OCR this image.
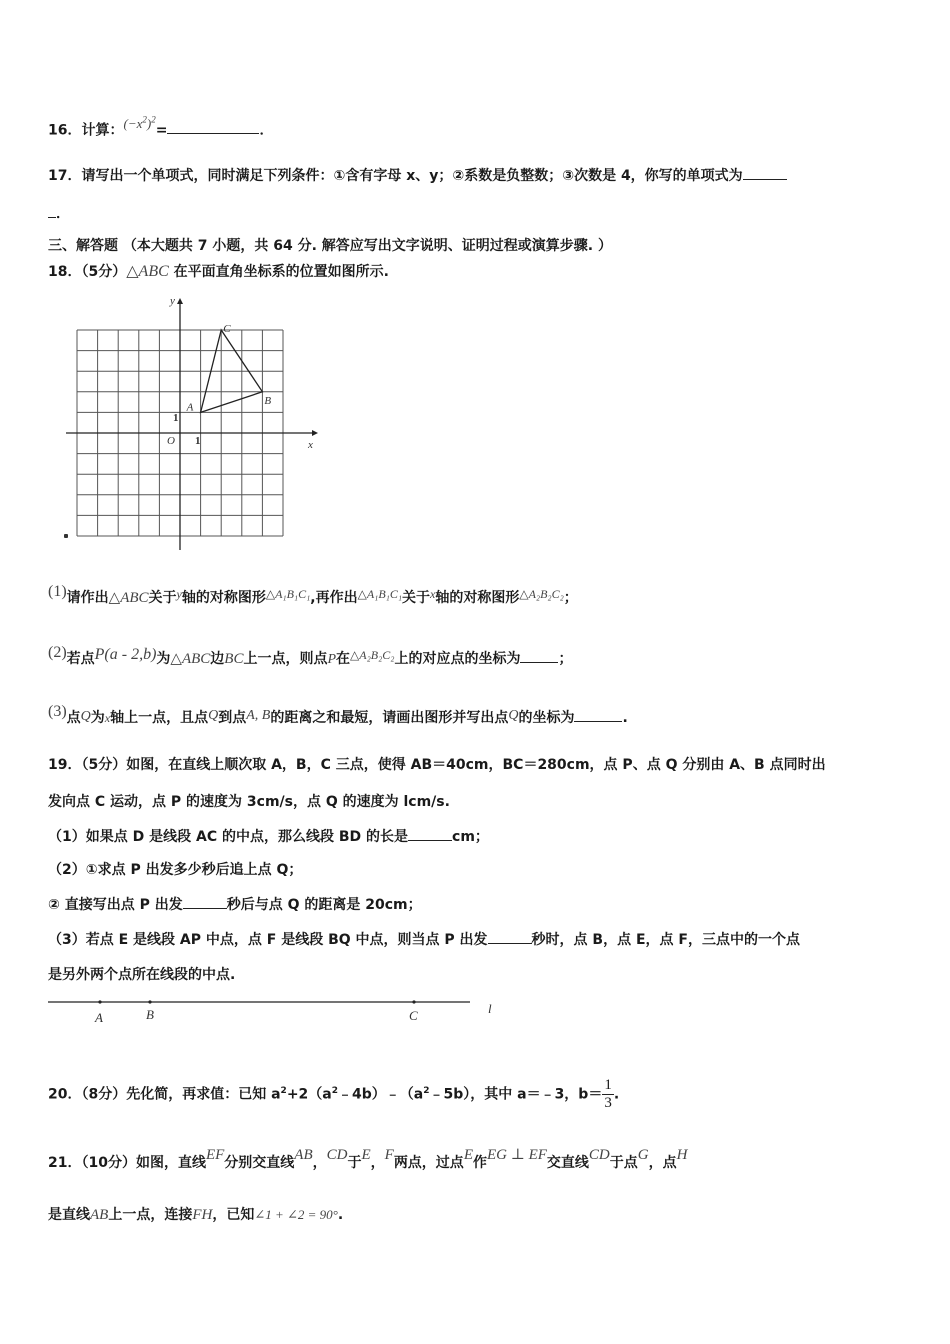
16．计算：$(-x^2)^2=$	．
17．请写出一个单项式，同时满足下列条件：①含有字母 x、y；②系数是负整数；③次数是 4，你写的单项式为
．
三、解答题 （本大题共 7 小题，共 64 分. 解答应写出文字说明、证明过程或演算步骤. ）
18．（5分）△ABC 在平面直角坐标系的位置如图所示.
y
x
O 1
1
A
B
C
(1)请作出△ABC关于y轴的对称图形△A₁B₁C₁,再作出△A₁B₁C₁关于x轴的对称图形△A₂B₂C₂；
(2)若点P(a - 2,b)为△ABC边BC上一点，则点P在△A₂B₂C₂上的对应点的坐标为	；
(3)点Q为x轴上一点，且点Q到点A, B的距离之和最短，请画出图形并写出点Q的坐标为	.
19．（5分）如图，在直线上顺次取 A，B，C 三点，使得 AB＝40cm，BC＝280cm，点 P、点 Q 分别由 A、B 点同时出
发向点 C 运动，点 P 的速度为 3cm/s，点 Q 的速度为 lcm/s.
（1）如果点 D 是线段 AC 的中点，那么线段 BD 的长是	cm；
（2）①求点 P 出发多少秒后追上点 Q；
② 直接写出点 P 出发	秒后与点 Q 的距离是 20cm；
（3）若点 E 是线段 AP 中点，点 F 是线段 BQ 中点，则当点 P 出发	秒时，点 B，点 E，点 F，三点中的一个点
是另外两个点所在线段的中点.
A	B	C	l
20．（8分）先化简，再求值：已知 $a^2+2(a^2﹣4b)﹣(a^2﹣5b)$，其中 a＝﹣3，$b= \frac{1}{3}$ .
21．（10分）如图，直线EF分别交直线AB，CD于E，F两点，过点E作EG ⊥ EF交直线CD于点G，点H
是直线AB上一点，连接FH，已知∠1 + ∠2 = 90°.
